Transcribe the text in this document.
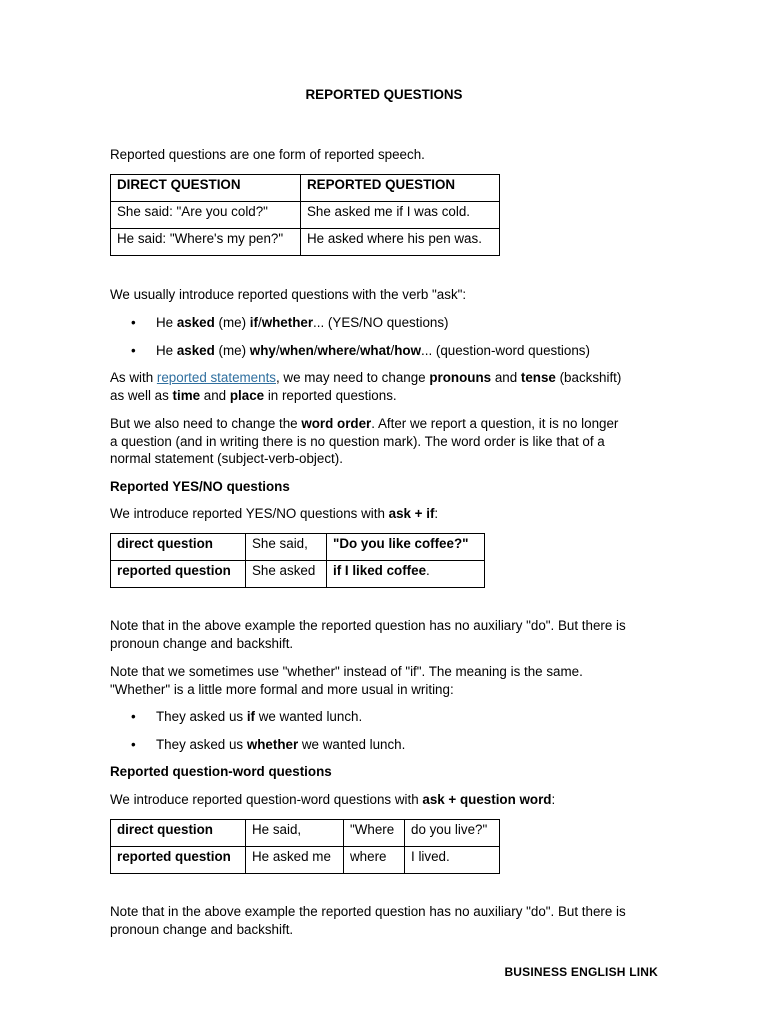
REPORTED QUESTIONS

Reported questions are one form of reported speech.

DIRECT QUESTION	REPORTED QUESTION
She said: "Are you cold?"	She asked me if I was cold.
He said: "Where's my pen?"	He asked where his pen was.

We usually introduce reported questions with the verb "ask":

• He asked (me) if/whether... (YES/NO questions)

• He asked (me) why/when/where/what/how... (question-word questions)

As with reported statements, we may need to change pronouns and tense (backshift)
as well as time and place in reported questions.

But we also need to change the word order. After we report a question, it is no longer
a question (and in writing there is no question mark). The word order is like that of a
normal statement (subject-verb-object).

Reported YES/NO questions

We introduce reported YES/NO questions with ask + if:

direct question	She said,	"Do you like coffee?"
reported question	She asked	if I liked coffee.

Note that in the above example the reported question has no auxiliary "do". But there is
pronoun change and backshift.

Note that we sometimes use "whether" instead of "if". The meaning is the same.
"Whether" is a little more formal and more usual in writing:

• They asked us if we wanted lunch.

• They asked us whether we wanted lunch.

Reported question-word questions

We introduce reported question-word questions with ask + question word:

direct question	He said,	"Where	do you live?"
reported question	He asked me	where	I lived.

Note that in the above example the reported question has no auxiliary "do". But there is
pronoun change and backshift.

BUSINESS ENGLISH LINK
